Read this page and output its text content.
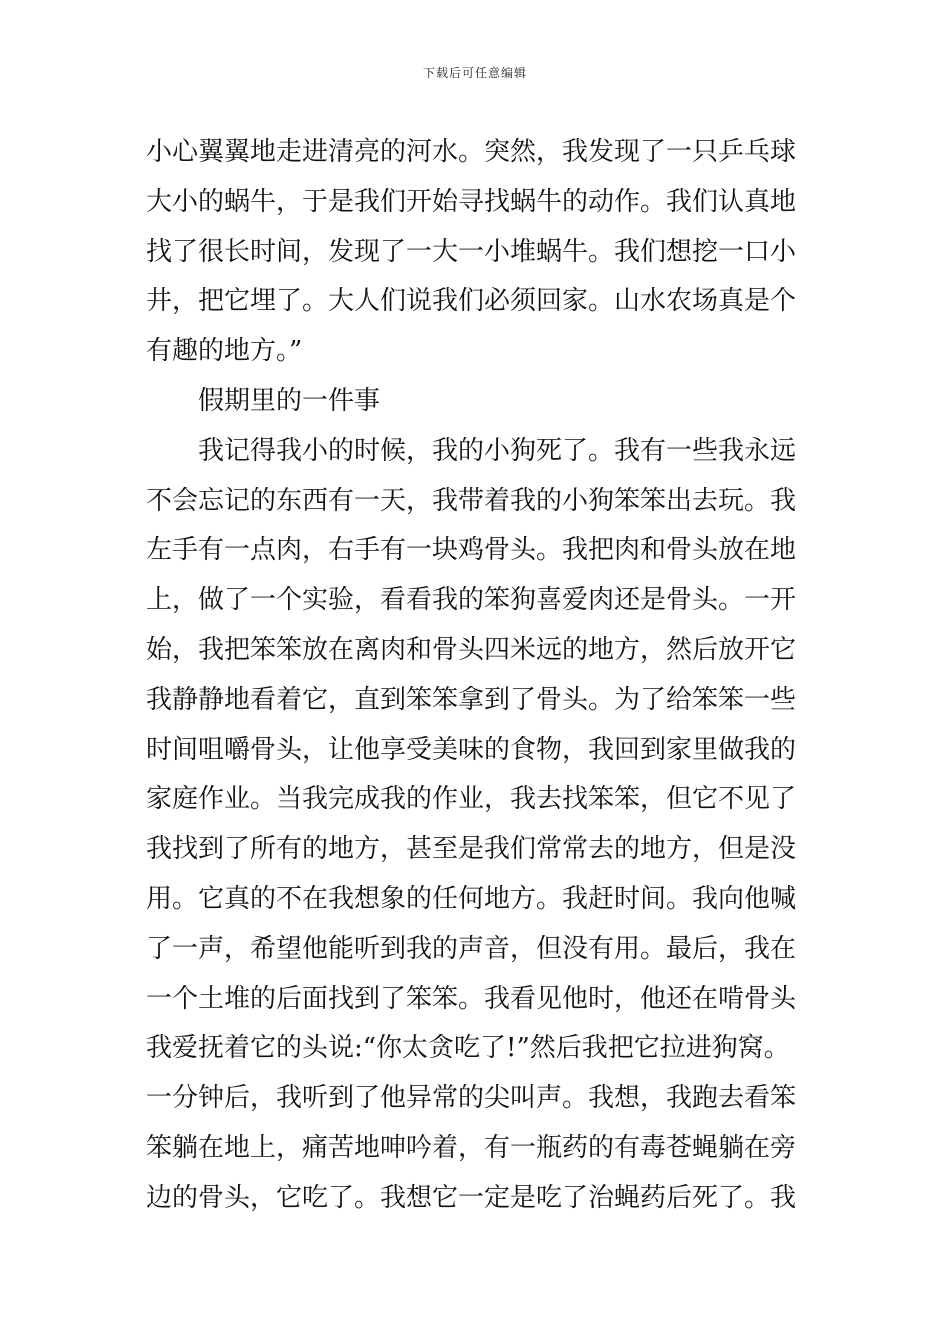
下载后可任意编辑
小心翼翼地走进清亮的河水。突然，我发现了一只乒乓球
大小的蜗牛，于是我们开始寻找蜗牛的动作。我们认真地
找了很长时间，发现了一大一小堆蜗牛。我们想挖一口小
井，把它埋了。大人们说我们必须回家。山水农场真是个
有趣的地方。”
假期里的一件事
我记得我小的时候，我的小狗死了。我有一些我永远
不会忘记的东西有一天，我带着我的小狗笨笨出去玩。我
左手有一点肉，右手有一块鸡骨头。我把肉和骨头放在地
上，做了一个实验，看看我的笨狗喜爱肉还是骨头。一开
始，我把笨笨放在离肉和骨头四米远的地方，然后放开它
我静静地看着它，直到笨笨拿到了骨头。为了给笨笨一些
时间咀嚼骨头，让他享受美味的食物，我回到家里做我的
家庭作业。当我完成我的作业，我去找笨笨，但它不见了
我找到了所有的地方，甚至是我们常常去的地方，但是没
用。它真的不在我想象的任何地方。我赶时间。我向他喊
了一声，希望他能听到我的声音，但没有用。最后，我在
一个土堆的后面找到了笨笨。我看见他时，他还在啃骨头
我爱抚着它的头说:“你太贪吃了!”然后我把它拉进狗窝。
一分钟后，我听到了他异常的尖叫声。我想，我跑去看笨
笨躺在地上，痛苦地呻吟着，有一瓶药的有毒苍蝇躺在旁
边的骨头，它吃了。我想它一定是吃了治蝇药后死了。我
